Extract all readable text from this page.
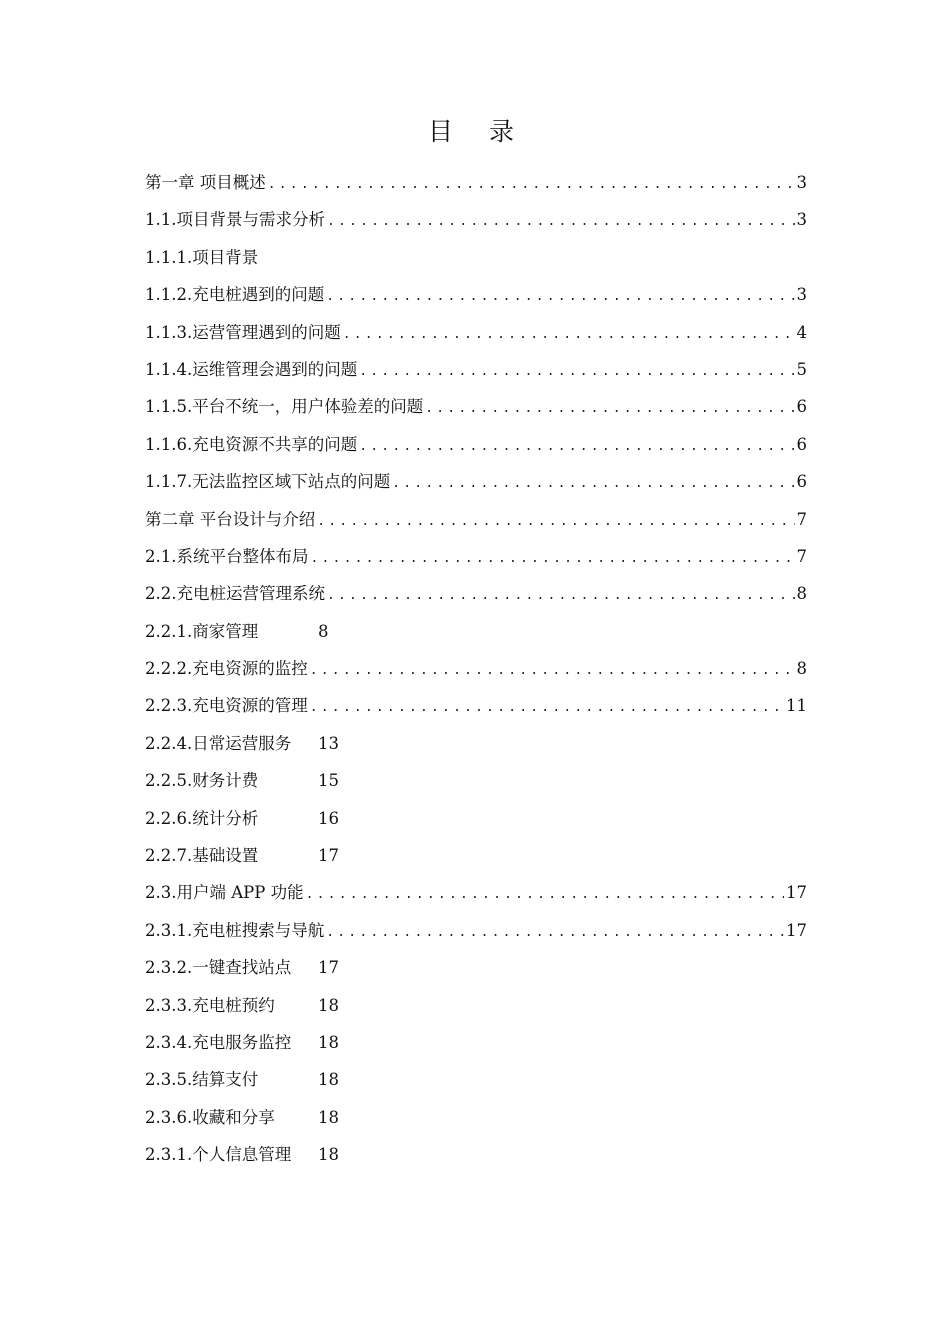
目 录
第一章 项目概述 .....	3
1.1.项目背景与需求分析 .....	3
1.1.1.项目背景
1.1.2.充电桩遇到的问题 .....	3
1.1.3.运营管理遇到的问题 .....	4
1.1.4.运维管理会遇到的问题 .....	5
1.1.5.平台不统一，用户体验差的问题 .....	6
1.1.6.充电资源不共享的问题 .....	6
1.1.7.无法监控区域下站点的问题 .....	6
第二章 平台设计与介绍 .....	7
2.1.系统平台整体布局 .....	7
2.2.充电桩运营管理系统 .....	8
2.2.1.商家管理	8
2.2.2.充电资源的监控 .....	8
2.2.3.充电资源的管理 .....	11
2.2.4.日常运营服务 13
2.2.5.财务计费	15
2.2.6.统计分析	16
2.2.7.基础设置	17
2.3.用户端 APP 功能 .....	17
2.3.1.充电桩搜索与导航 .....	17
2.3.2.一键查找站点 17
2.3.3.充电桩预约	18
2.3.4.充电服务监控 18
2.3.5.结算支付	18
2.3.6.收藏和分享	18
2.3.1.个人信息管理 18
